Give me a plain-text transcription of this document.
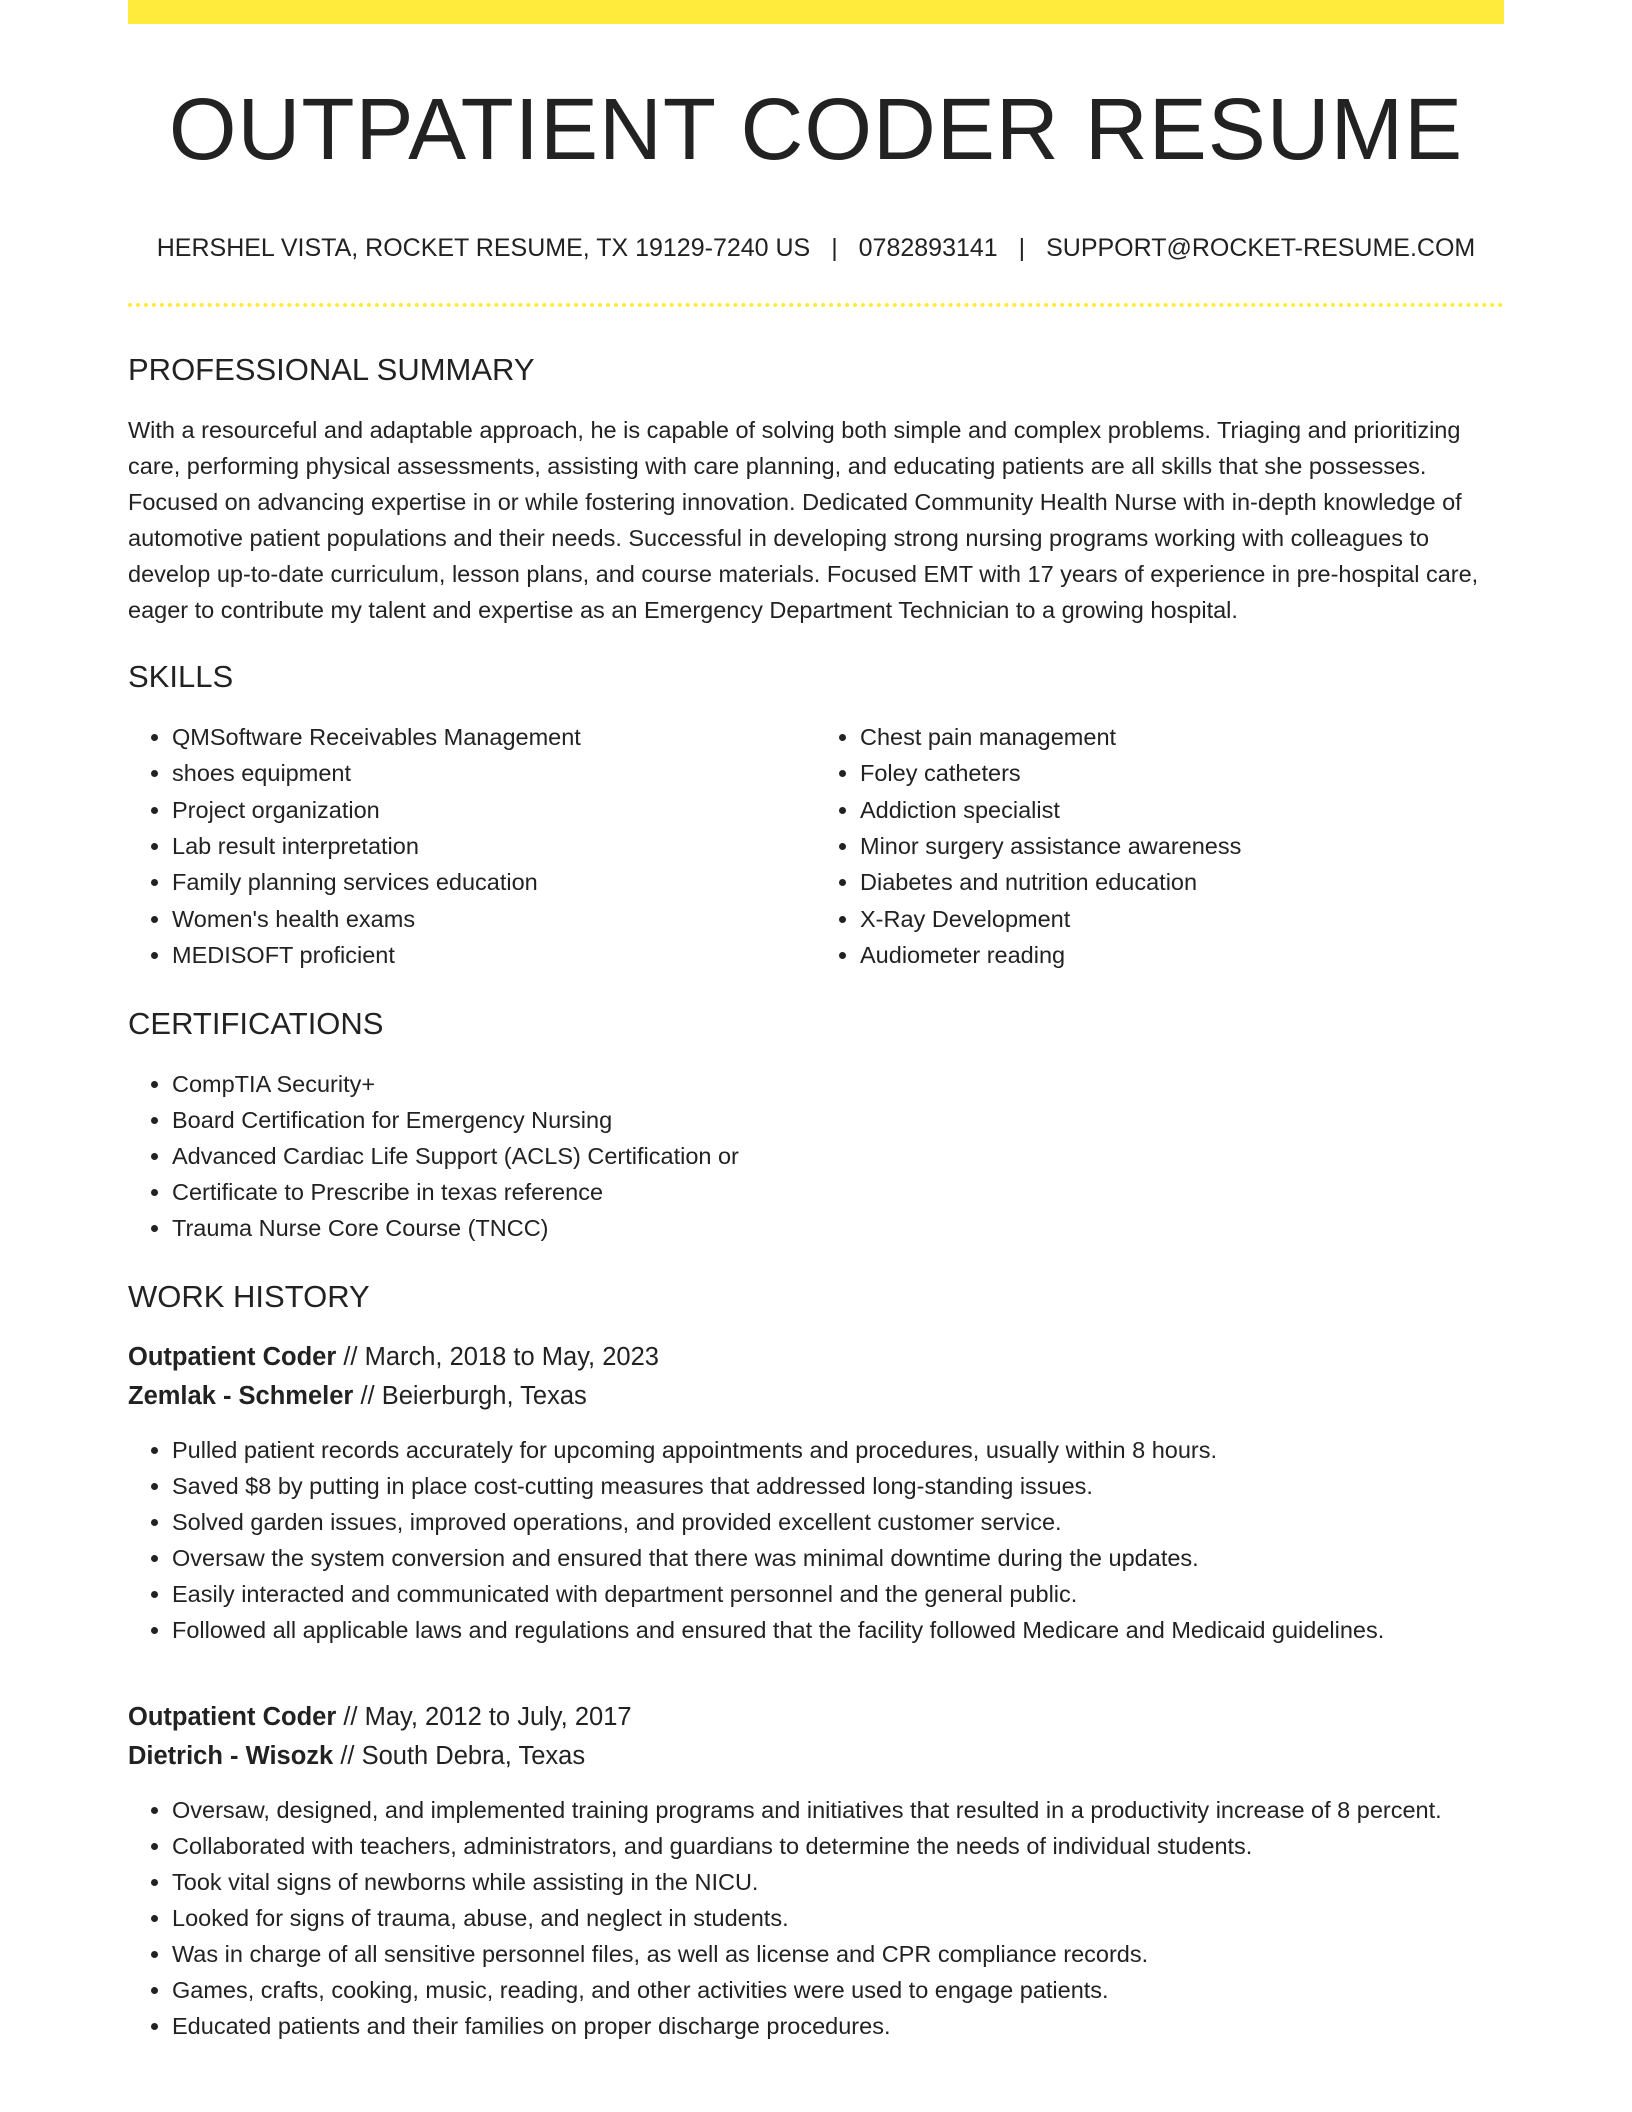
OUTPATIENT CODER RESUME
HERSHEL VISTA, ROCKET RESUME, TX 19129-7240 US | 0782893141 | SUPPORT@ROCKET-RESUME.COM
PROFESSIONAL SUMMARY

With a resourceful and adaptable approach, he is capable of solving both simple and complex problems. Triaging and prioritizing care, performing physical assessments, assisting with care planning, and educating patients are all skills that she possesses. Focused on advancing expertise in or while fostering innovation. Dedicated Community Health Nurse with in-depth knowledge of automotive patient populations and their needs. Successful in developing strong nursing programs working with colleagues to develop up-to-date curriculum, lesson plans, and course materials. Focused EMT with 17 years of experience in pre-hospital care, eager to contribute my talent and expertise as an Emergency Department Technician to a growing hospital.

SKILLS
• QMSoftware Receivables Management
• shoes equipment
• Project organization
• Lab result interpretation
• Family planning services education
• Women's health exams
• MEDISOFT proficient
• Chest pain management
• Foley catheters
• Addiction specialist
• Minor surgery assistance awareness
• Diabetes and nutrition education
• X-Ray Development
• Audiometer reading
CERTIFICATIONS
• CompTIA Security+
• Board Certification for Emergency Nursing
• Advanced Cardiac Life Support (ACLS) Certification or
• Certificate to Prescribe in texas reference
• Trauma Nurse Core Course (TNCC)
WORK HISTORY
Outpatient Coder // March, 2018 to May, 2023
Zemlak - Schmeler // Beierburgh, Texas
• Pulled patient records accurately for upcoming appointments and procedures, usually within 8 hours.
• Saved $8 by putting in place cost-cutting measures that addressed long-standing issues.
• Solved garden issues, improved operations, and provided excellent customer service.
• Oversaw the system conversion and ensured that there was minimal downtime during the updates.
• Easily interacted and communicated with department personnel and the general public.
• Followed all applicable laws and regulations and ensured that the facility followed Medicare and Medicaid guidelines.
Outpatient Coder // May, 2012 to July, 2017
Dietrich - Wisozk // South Debra, Texas
• Oversaw, designed, and implemented training programs and initiatives that resulted in a productivity increase of 8 percent.
• Collaborated with teachers, administrators, and guardians to determine the needs of individual students.
• Took vital signs of newborns while assisting in the NICU.
• Looked for signs of trauma, abuse, and neglect in students.
• Was in charge of all sensitive personnel files, as well as license and CPR compliance records.
• Games, crafts, cooking, music, reading, and other activities were used to engage patients.
• Educated patients and their families on proper discharge procedures.
